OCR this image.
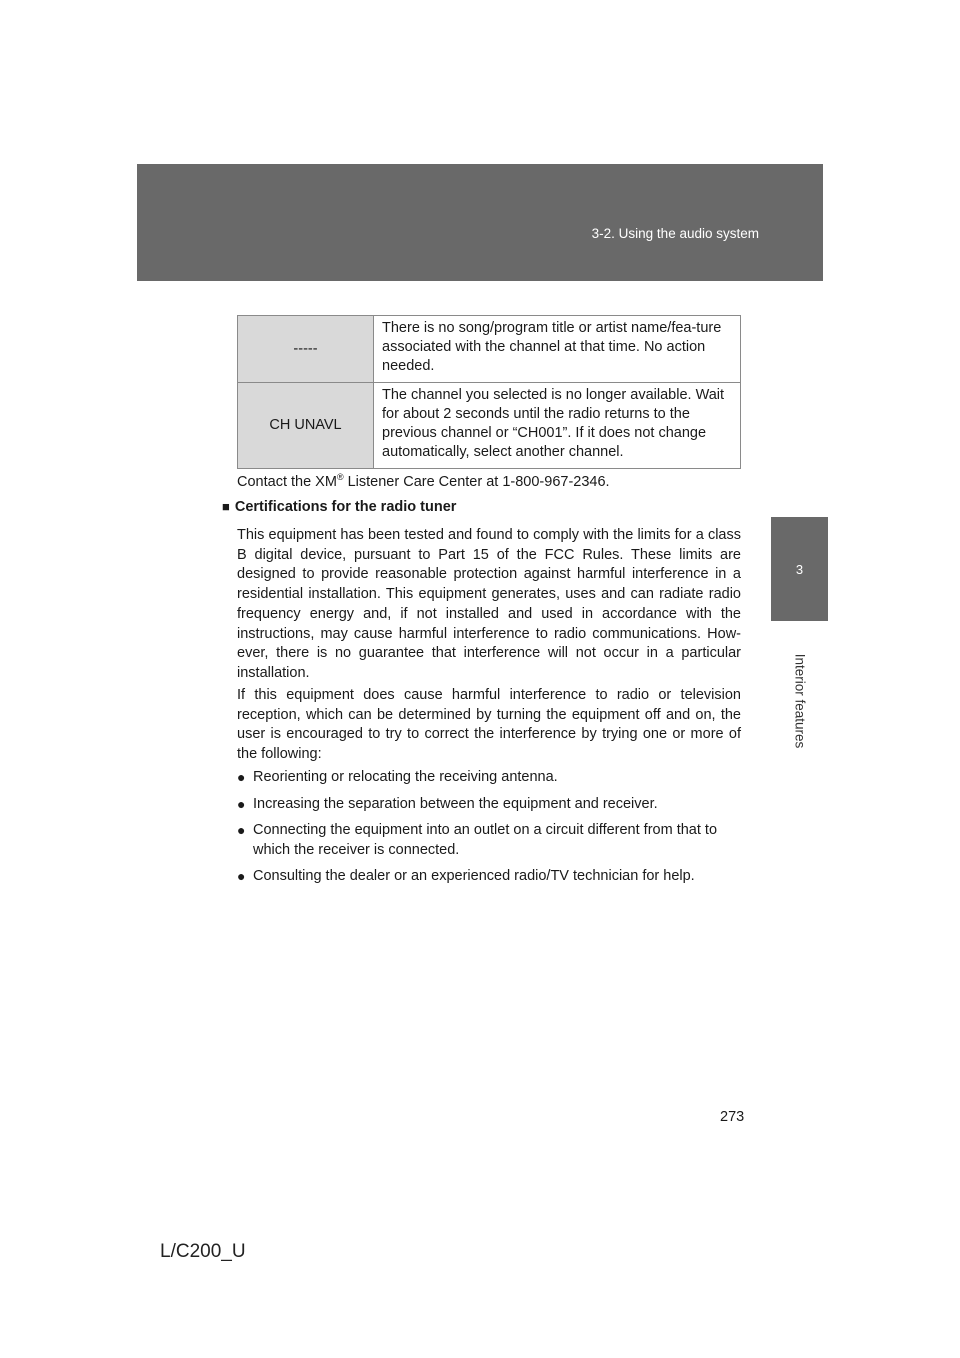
3-2. Using the audio system
3
Interior features
-----	There is no song/program title or artist name/fea-ture associated with the channel at that time. No action needed.
CH UNAVL	The channel you selected is no longer available. Wait for about 2 seconds until the radio returns to the previous channel or “CH001”. If it does not change automatically, select another channel.
Contact the XM® Listener Care Center at 1-800-967-2346.
■ Certifications for the radio tuner
This equipment has been tested and found to comply with the limits for a class B digital device, pursuant to Part 15 of the FCC Rules. These limits are designed to provide reasonable protection against harmful interference in a residential installation. This equipment generates, uses and can radiate radio frequency energy and, if not installed and used in accordance with the instructions, may cause harmful interference to radio communications. How-ever, there is no guarantee that interference will not occur in a particular installation.
If this equipment does cause harmful interference to radio or television reception, which can be determined by turning the equipment off and on, the user is encouraged to try to correct the interference by trying one or more of the following:
● Reorienting or relocating the receiving antenna.
● Increasing the separation between the equipment and receiver.
● Connecting the equipment into an outlet on a circuit different from that to which the receiver is connected.
● Consulting the dealer or an experienced radio/TV technician for help.
273
L/C200_U
